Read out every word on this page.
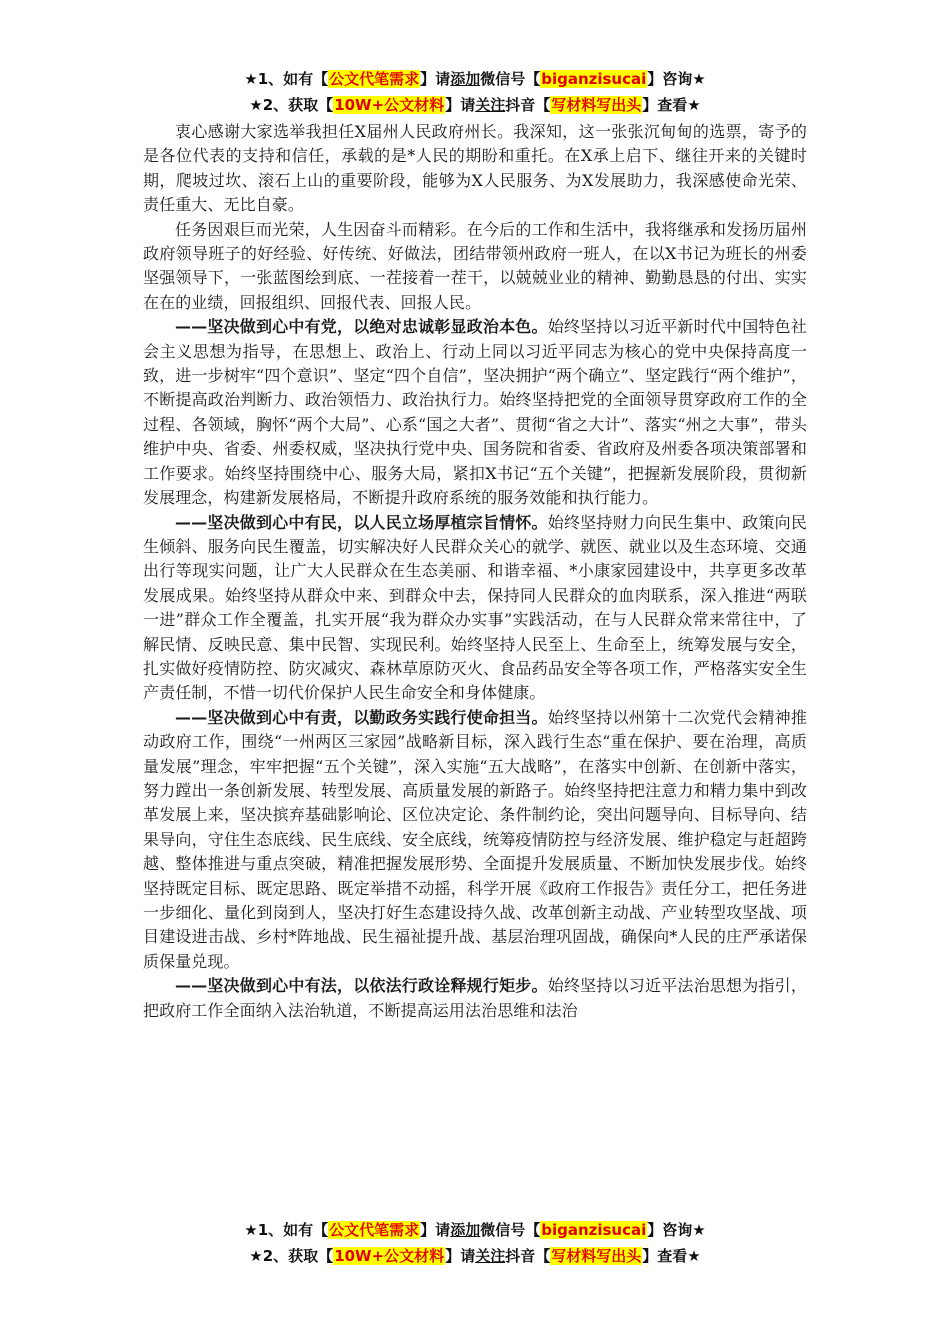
★1、如有【公文代笔需求】请添加微信号【biganzisucai】咨询★
★2、获取【10W+公文材料】请关注抖音【写材料写出头】查看★

衷心感谢大家选举我担任X届州人民政府州长。我深知，这一张张沉甸甸的选票，寄予的是各位代表的支持和信任，承载的是*人民的期盼和重托。在X承上启下、继往开来的关键时期，爬坡过坎、滚石上山的重要阶段，能够为X人民服务、为X发展助力，我深感使命光荣、责任重大、无比自豪。

任务因艰巨而光荣，人生因奋斗而精彩。在今后的工作和生活中，我将继承和发扬历届州政府领导班子的好经验、好传统、好做法，团结带领州政府一班人，在以X书记为班长的州委坚强领导下，一张蓝图绘到底、一茬接着一茬干，以兢兢业业的精神、勤勤恳恳的付出、实实在在的业绩，回报组织、回报代表、回报人民。

——坚决做到心中有党，以绝对忠诚彰显政治本色。始终坚持以习近平新时代中国特色社会主义思想为指导，在思想上、政治上、行动上同以习近平同志为核心的党中央保持高度一致，进一步树牢“四个意识”、坚定“四个自信”，坚决拥护“两个确立”、坚定践行“两个维护”，不断提高政治判断力、政治领悟力、政治执行力。始终坚持把党的全面领导贯穿政府工作的全过程、各领域，胸怀“两个大局”、心系“国之大者”、贯彻“省之大计”、落实“州之大事”，带头维护中央、省委、州委权威，坚决执行党中央、国务院和省委、省政府及州委各项决策部署和工作要求。始终坚持围绕中心、服务大局，紧扣X书记“五个关键”，把握新发展阶段，贯彻新发展理念，构建新发展格局，不断提升政府系统的服务效能和执行能力。

——坚决做到心中有民，以人民立场厚植宗旨情怀。始终坚持财力向民生集中、政策向民生倾斜、服务向民生覆盖，切实解决好人民群众关心的就学、就医、就业以及生态环境、交通出行等现实问题，让广大人民群众在生态美丽、和谐幸福、*小康家园建设中，共享更多改革发展成果。始终坚持从群众中来、到群众中去，保持同人民群众的血肉联系，深入推进“两联一进”群众工作全覆盖，扎实开展“我为群众办实事”实践活动，在与人民群众常来常往中，了解民情、反映民意、集中民智、实现民利。始终坚持人民至上、生命至上，统筹发展与安全，扎实做好疫情防控、防灾减灾、森林草原防灭火、食品药品安全等各项工作，严格落实安全生产责任制，不惜一切代价保护人民生命安全和身体健康。

——坚决做到心中有责，以勤政务实践行使命担当。始终坚持以州第十二次党代会精神推动政府工作，围绕“一州两区三家园”战略新目标，深入践行生态“重在保护、要在治理，高质量发展”理念，牢牢把握“五个关键”，深入实施“五大战略”，在落实中创新、在创新中落实，努力蹚出一条创新发展、转型发展、高质量发展的新路子。始终坚持把注意力和精力集中到改革发展上来，坚决摈弃基础影响论、区位决定论、条件制约论，突出问题导向、目标导向、结果导向，守住生态底线、民生底线、安全底线，统筹疫情防控与经济发展、维护稳定与赶超跨越、整体推进与重点突破，精准把握发展形势、全面提升发展质量、不断加快发展步伐。始终坚持既定目标、既定思路、既定举措不动摇，科学开展《政府工作报告》责任分工，把任务进一步细化、量化到岗到人，坚决打好生态建设持久战、改革创新主动战、产业转型攻坚战、项目建设进击战、乡村*阵地战、民生福祉提升战、基层治理巩固战，确保向*人民的庄严承诺保质保量兑现。

——坚决做到心中有法，以依法行政诠释规行矩步。始终坚持以习近平法治思想为指引，把政府工作全面纳入法治轨道，不断提高运用法治思维和法治

★1、如有【公文代笔需求】请添加微信号【biganzisucai】咨询★
★2、获取【10W+公文材料】请关注抖音【写材料写出头】查看★
